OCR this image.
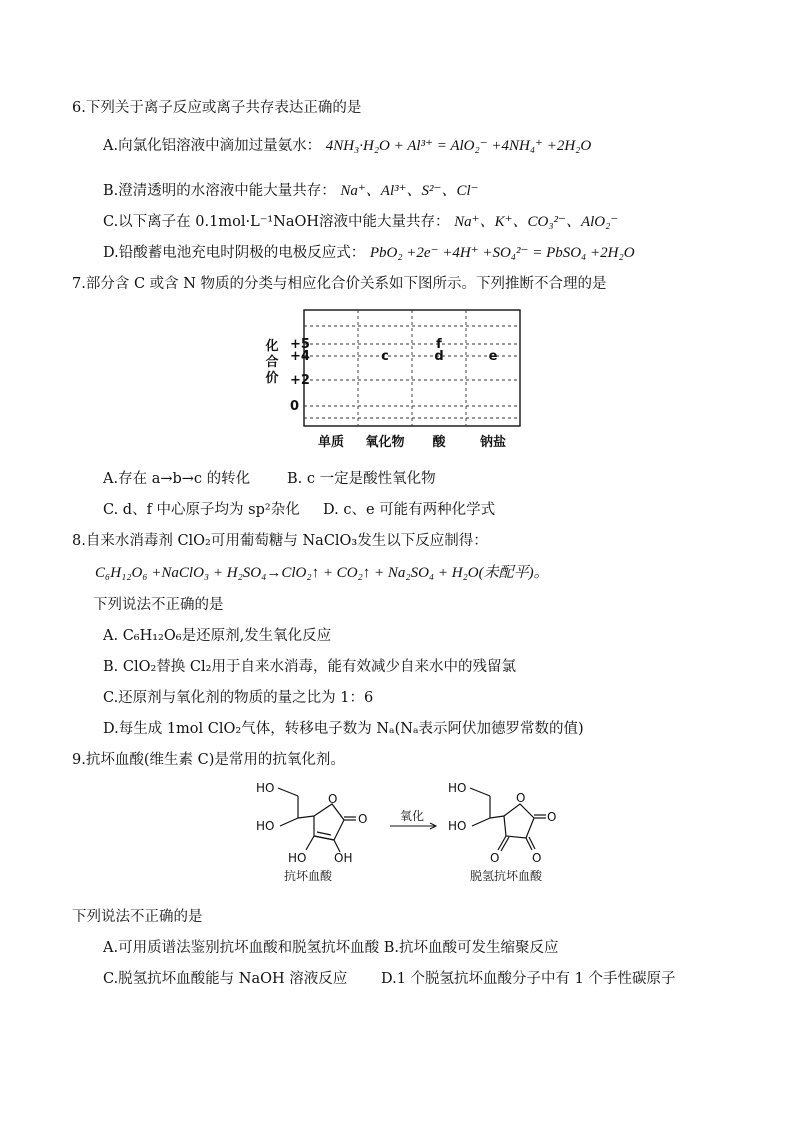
6.下列关于离子反应或离子共存表达正确的是
A.向氯化铝溶液中滴加过量氨水： 4NH₃·H₂O + Al³⁺ = AlO₂⁻ +4NH₄⁺ +2H₂O
B.澄清透明的水溶液中能大量共存： Na⁺、Al³⁺、S²⁻、Cl⁻
C.以下离子在 0.1mol·L⁻¹NaOH溶液中能大量共存： Na⁺、K⁺、CO₃²⁻、AlO₂⁻
D.铅酸蓄电池充电时阴极的电极反应式： PbO₂ +2e⁻ +4H⁺ +SO₄²⁻ = PbSO₄ +2H₂O
7.部分含 C 或含 N 物质的分类与相应化合价关系如下图所示。下列推断不合理的是
+5
+4
+2
0
单质 氧化物 酸	钠盐
化
合
价
f
c	d	e
A.存在 a→b→c 的转化	B. c 一定是酸性氧化物
C. d、f 中心原子均为 sp²杂化 D. c、e 可能有两种化学式
8.自来水消毒剂 ClO₂可用葡萄糖与 NaClO₃发生以下反应制得：
C₆H₁₂O₆ +NaClO₃ + H₂SO₄→ClO₂↑ + CO₂↑ + Na₂SO₄ + H₂O(未配平)。
下列说法不正确的是
A. C₆H₁₂O₆是还原剂,发生氧化反应
B. ClO₂替换 Cl₂用于自来水消毒，能有效减少自来水中的残留氯
C.还原剂与氧化剂的物质的量之比为 1：6
D.每生成 1mol ClO₂气体，转移电子数为 Nₐ(Nₐ表示阿伏加德罗常数的值)
9.抗坏血酸(维生素 C)是常用的抗氧化剂。
HO
HO
O
O
HO OH
抗坏血酸
氧化
HO
HO
O
O
O	O
脱氢抗坏血酸
下列说法不正确的是
A.可用质谱法鉴别抗坏血酸和脱氢抗坏血酸 B.抗坏血酸可发生缩聚反应
C.脱氢抗坏血酸能与 NaOH 溶液反应 D.1 个脱氢抗坏血酸分子中有 1 个手性碳原子
